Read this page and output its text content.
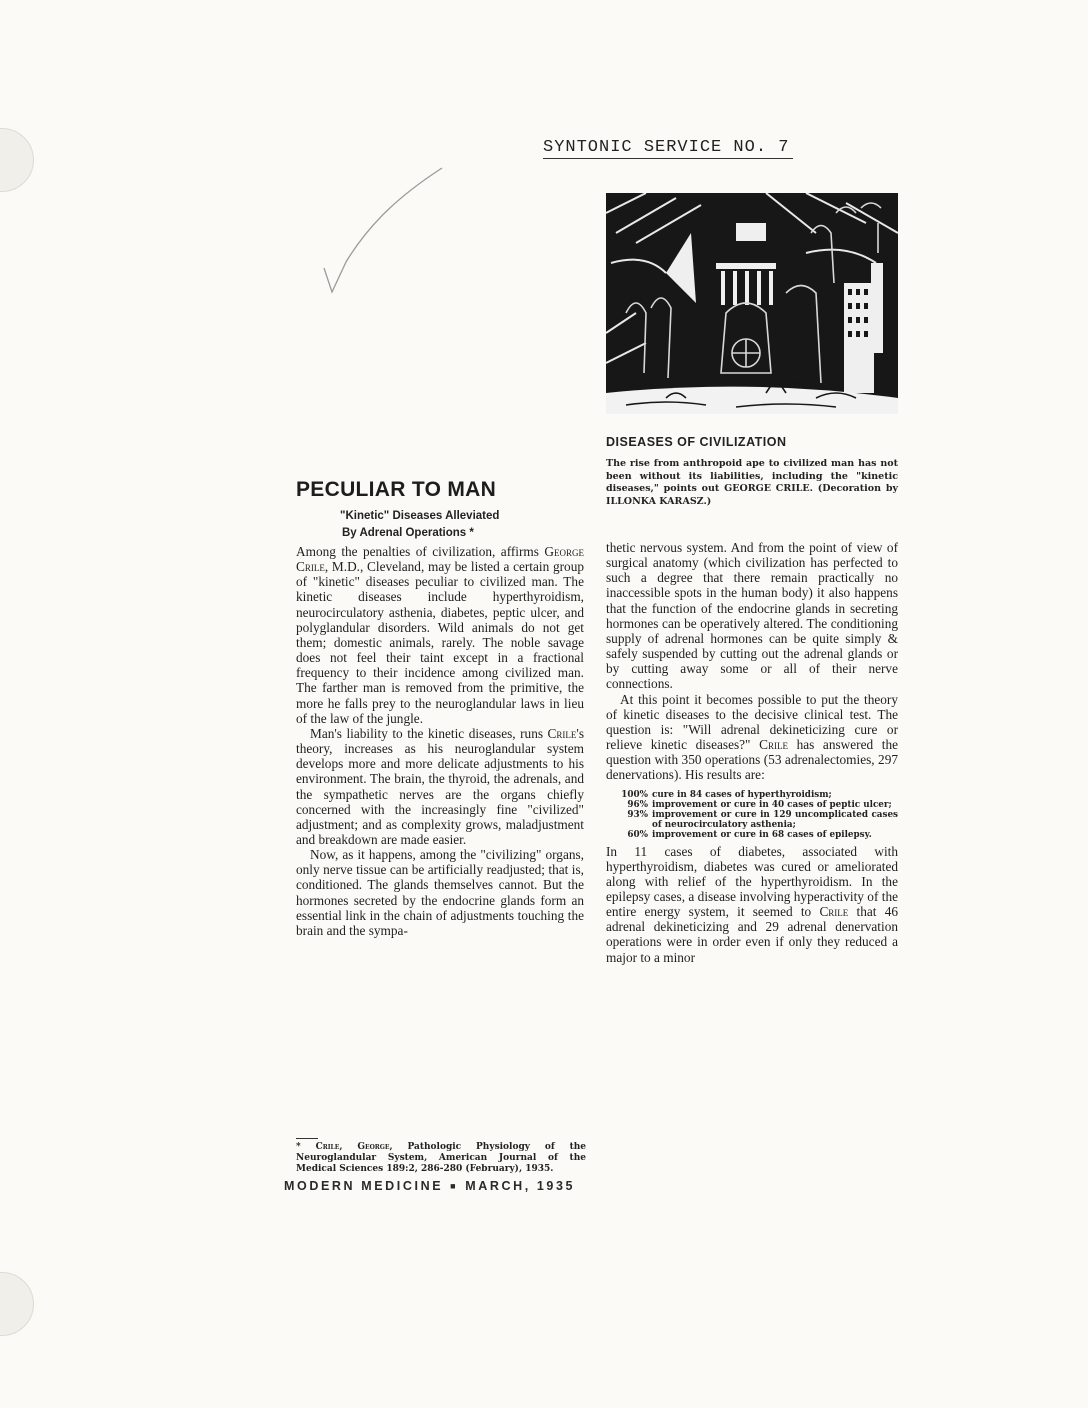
SYNTONIC SERVICE NO. 7
DISEASES OF CIVILIZATION
The rise from anthropoid ape to civilized man has not been without its liabilities, including the "kinetic diseases," points out GEORGE CRILE. (Decoration by ILLONKA KARASZ.)
PECULIAR TO MAN
"Kinetic" Diseases Alleviated
By Adrenal Operations *

Among the penalties of civilization, affirms George Crile, M.D., Cleveland, may be listed a certain group of "kinetic" diseases peculiar to civilized man. The kinetic diseases include hyperthyroidism, neurocirculatory asthenia, diabetes, peptic ulcer, and polyglandular disorders. Wild animals do not get them; domestic animals, rarely. The noble savage does not feel their taint except in a fractional frequency to their incidence among civilized man. The farther man is removed from the primitive, the more he falls prey to the neuroglandular laws in lieu of the law of the jungle.

Man's liability to the kinetic diseases, runs Crile's theory, increases as his neuroglandular system develops more and more delicate adjustments to his environment. The brain, the thyroid, the adrenals, and the sympathetic nerves are the organs chiefly concerned with the increasingly fine "civilized" adjustment; and as complexity grows, maladjustment and breakdown are made easier.

Now, as it happens, among the "civilizing" organs, only nerve tissue can be artificially readjusted; that is, conditioned. The glands themselves cannot. But the hormones secreted by the endocrine glands form an essential link in the chain of adjustments touching the brain and the sympa-

* Crile, George, Pathologic Physiology of the Neuroglandular System, American Journal of the Medical Sciences 189:2, 286-280 (February), 1935.
MODERN MEDICINE ■ MARCH, 1935

thetic nervous system. And from the point of view of surgical anatomy (which civilization has perfected to such a degree that there remain practically no inaccessible spots in the human body) it also happens that the function of the endocrine glands in secreting hormones can be operatively altered. The conditioning supply of adrenal hormones can be quite simply & safely suspended by cutting out the adrenal glands or by cutting away some or all of their nerve connections.

At this point it becomes possible to put the theory of kinetic diseases to the decisive clinical test. The question is: "Will adrenal dekineticizing cure or relieve kinetic diseases?" Crile has answered the question with 350 operations (53 adrenalectomies, 297 denervations). His results are:

100% cure in 84 cases of hyperthyroidism;
96% improvement or cure in 40 cases of peptic ulcer;
93% improvement or cure in 129 uncomplicated cases of neurocirculatory asthenia;
60% improvement or cure in 68 cases of epilepsy.

In 11 cases of diabetes, associated with hyperthyroidism, diabetes was cured or ameliorated along with relief of the hyperthyroidism. In the epilepsy cases, a disease involving hyperactivity of the entire energy system, it seemed to Crile that 46 adrenal dekineticizing and 29 adrenal denervation operations were in order even if only they reduced a major to a minor
